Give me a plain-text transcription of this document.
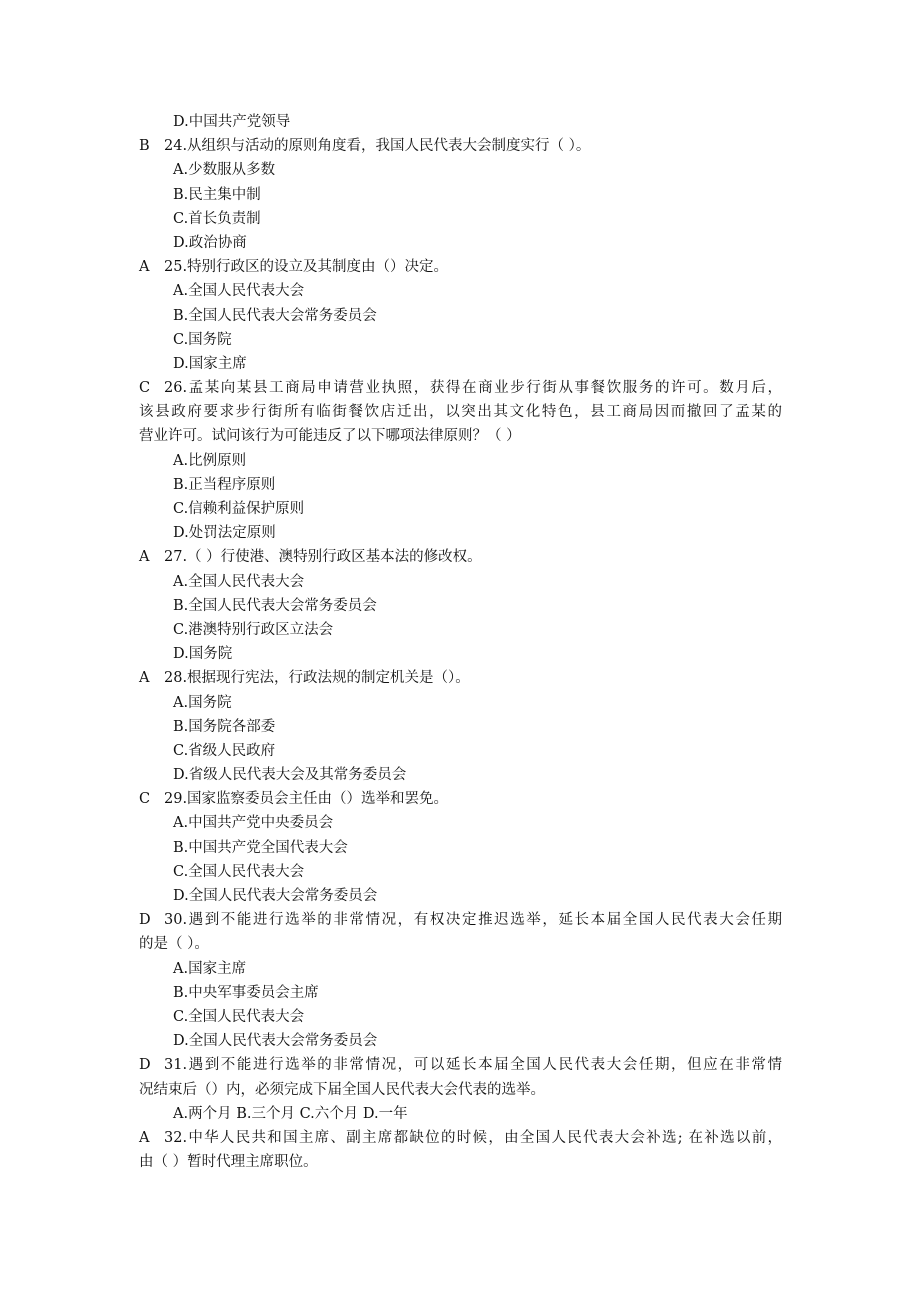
D.中国共产党领导
B 24.从组织与活动的原则角度看，我国人民代表大会制度实行（ ）。
A.少数服从多数
B.民主集中制
C.首长负责制
D.政治协商
A	25.特别行政区的设立及其制度由（）决定。
A.全国人民代表大会
B.全国人民代表大会常务委员会
C.国务院
D.国家主席
C 26.孟某向某县工商局申请营业执照，获得在商业步行街从事餐饮服务的许可。数月后，
该县政府要求步行街所有临街餐饮店迁出，以突出其文化特色，县工商局因而撤回了孟某的
营业许可。试问该行为可能违反了以下哪项法律原则？（ ）
A.比例原则
B.正当程序原则
C.信赖利益保护原则
D.处罚法定原则
A	27.（ ）行使港、澳特别行政区基本法的修改权。
A.全国人民代表大会
B.全国人民代表大会常务委员会
C.港澳特别行政区立法会
D.国务院
A	28.根据现行宪法，行政法规的制定机关是（）。
A.国务院
B.国务院各部委
C.省级人民政府
D.省级人民代表大会及其常务委员会
C 29.国家监察委员会主任由（）选举和罢免。
A.中国共产党中央委员会
B.中国共产党全国代表大会
C.全国人民代表大会
D.全国人民代表大会常务委员会
D 30.遇到不能进行选举的非常情况，有权决定推迟选举，延长本届全国人民代表大会任期
的是（ ）。
A.国家主席
B.中央军事委员会主席
C.全国人民代表大会
D.全国人民代表大会常务委员会
D 31.遇到不能进行选举的非常情况，可以延长本届全国人民代表大会任期，但应在非常情
况结束后（）内，必须完成下届全国人民代表大会代表的选举。
A.两个月 B.三个月 C.六个月 D.一年
A	32.中华人民共和国主席、副主席都缺位的时候，由全国人民代表大会补选; 在补选以前，
由（ ）暂时代理主席职位。
